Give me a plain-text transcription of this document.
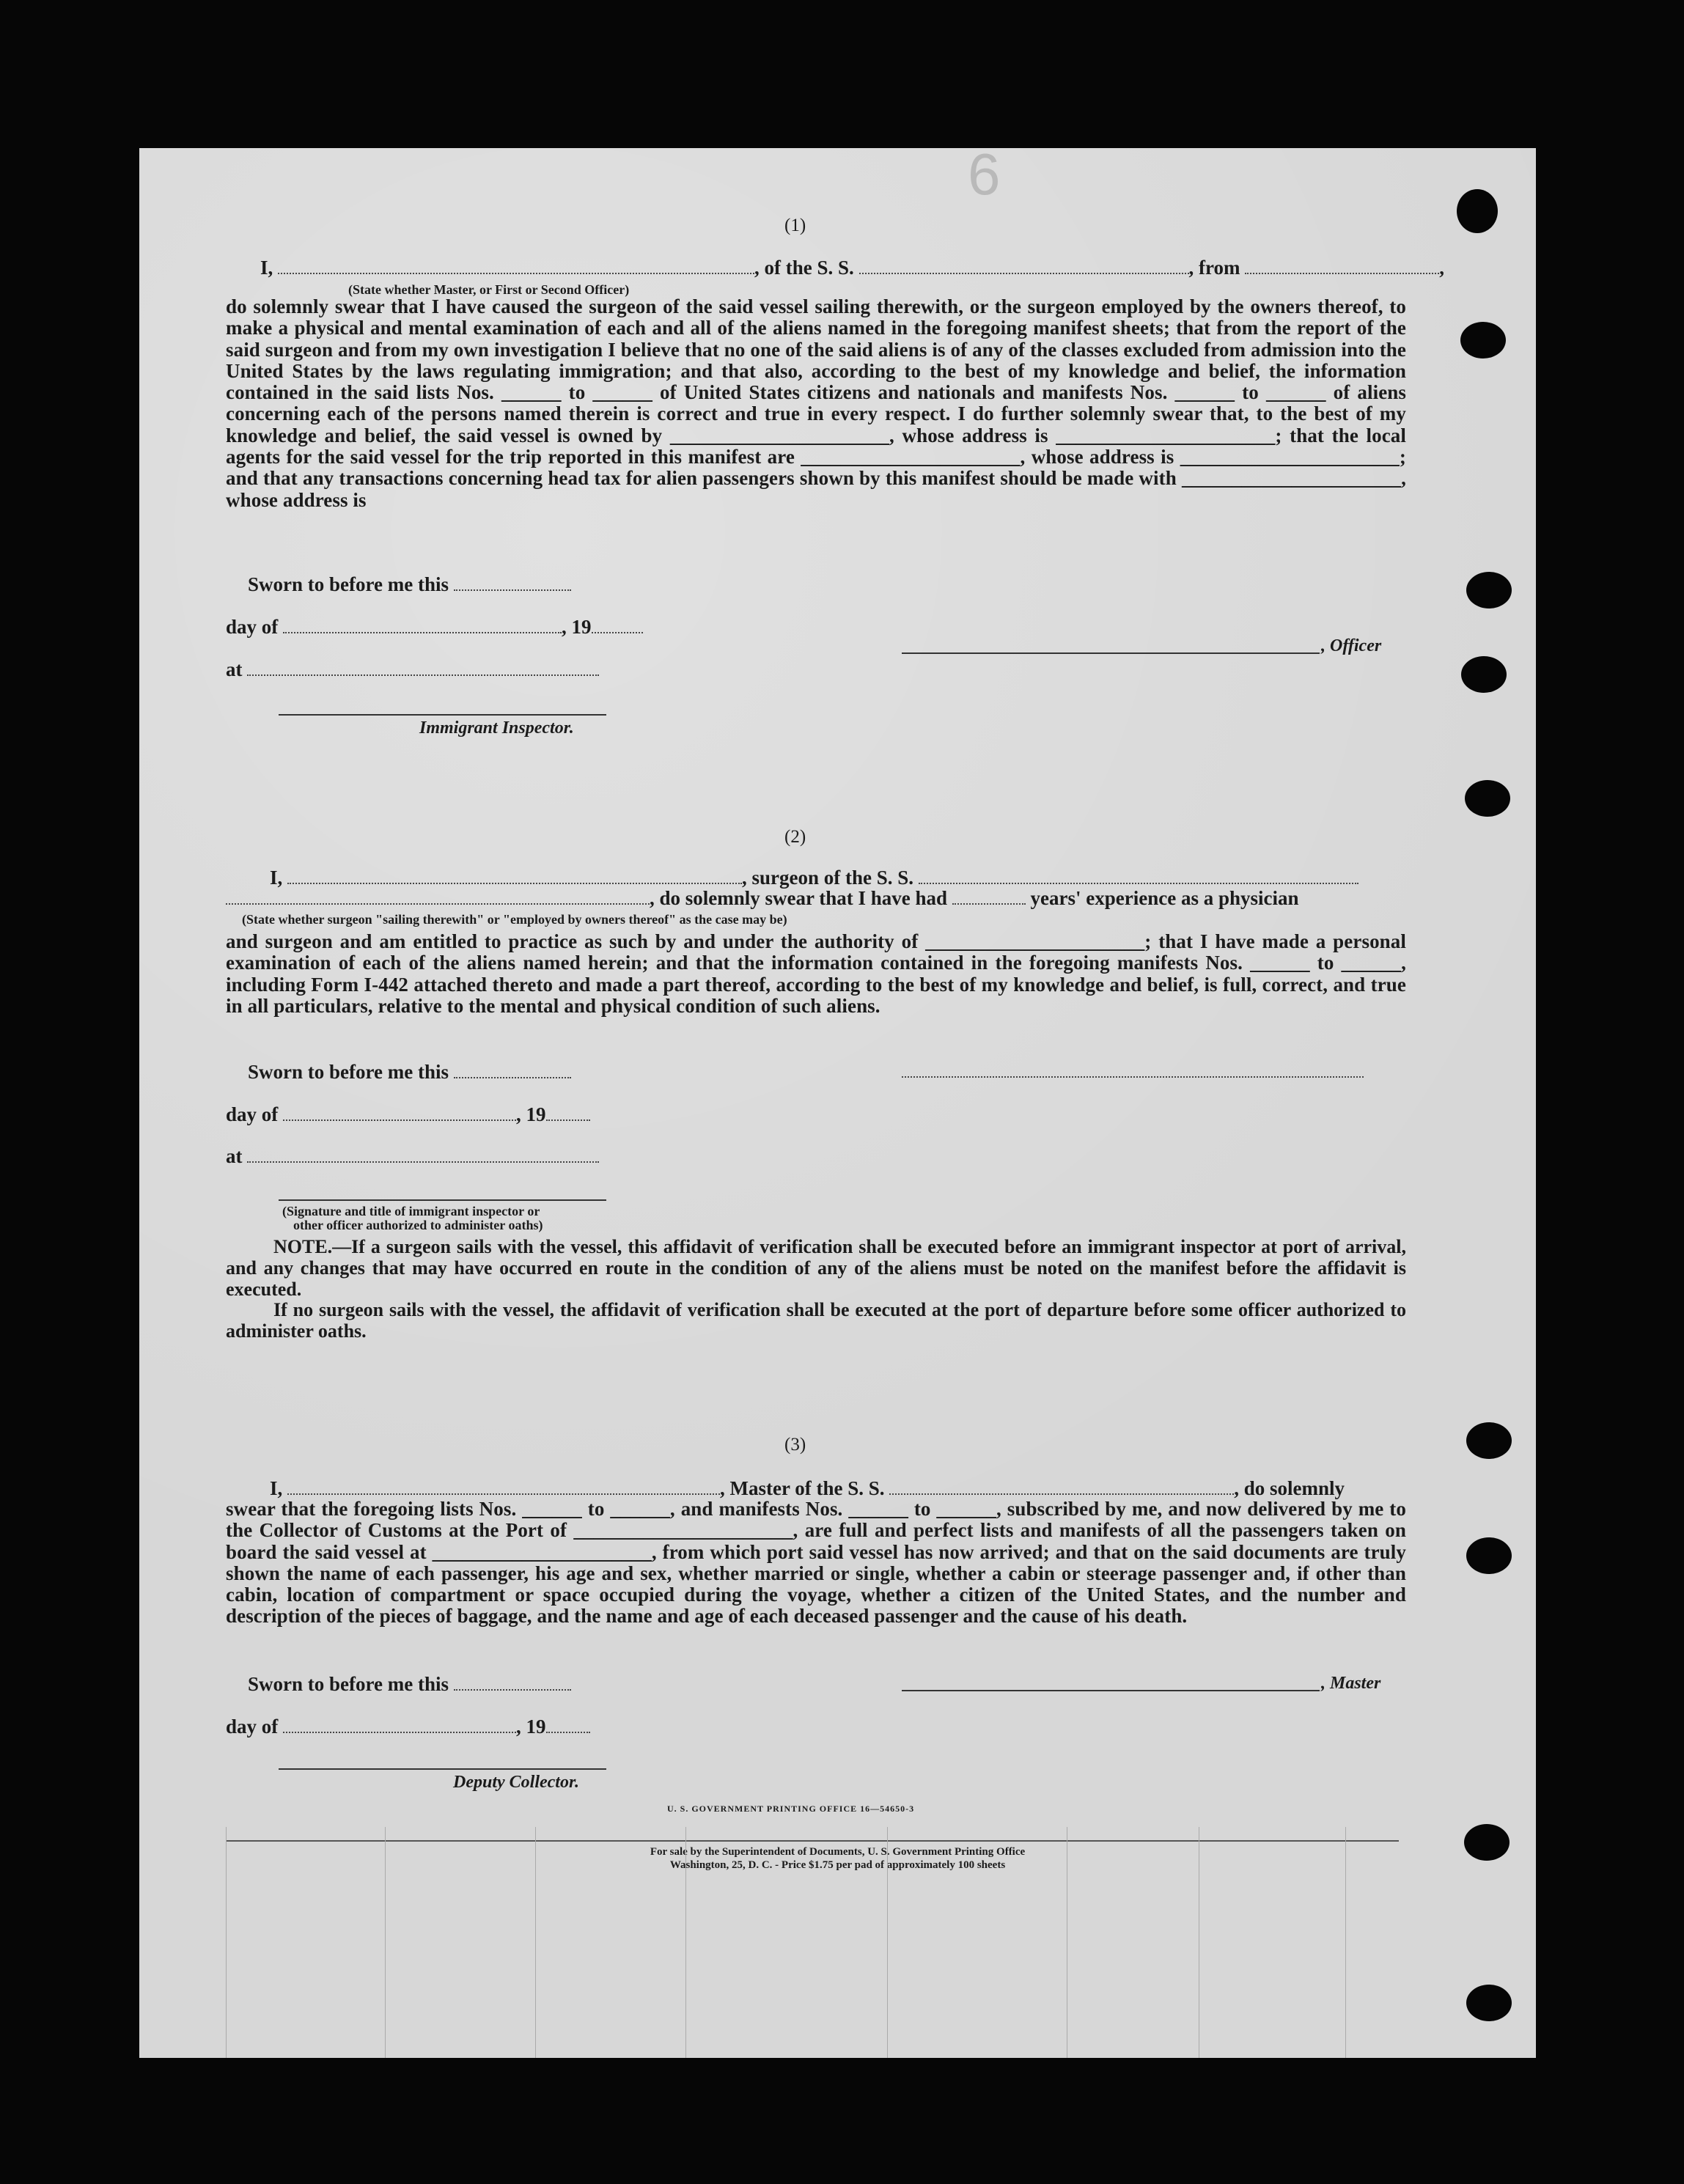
6
(1)
I,	, of the S. S.	, from	,
(State whether Master, or First or Second Officer)
do solemnly swear that I have caused the surgeon of the said vessel sailing therewith, or the surgeon employed by the owners thereof, to make a physical and mental examination of each and all of the aliens named in the foregoing manifest sheets; that from the report of the said surgeon and from my own investigation I believe that no one of the said aliens is of any of the classes excluded from admission into the United States by the laws regulating immigration; and that also, according to the best of my knowledge and belief, the information contained in the said lists Nos. ______ to ______ of United States citizens and nationals and manifests Nos. ______ to ______ of aliens concerning each of the persons named therein is correct and true in every respect. I do further solemnly swear that, to the best of my knowledge and belief, the said vessel is owned by ______________________, whose address is ______________________; that the local agents for the said vessel for the trip reported in this manifest are ______________________, whose address is ______________________; and that any transactions concerning head tax for alien passengers shown by this manifest should be made with ______________________, whose address is
Sworn to before me this
day of	, 19
at
Immigrant Inspector.
, Officer
(2)
I,	, surgeon of the S. S.
, do solemnly swear that I have had	years' experience as a physician
(State whether surgeon "sailing therewith" or "employed by owners thereof" as the case may be)
and surgeon and am entitled to practice as such by and under the authority of ______________________; that I have made a personal examination of each of the aliens named herein; and that the information contained in the foregoing manifests Nos. ______ to ______, including Form I-442 attached thereto and made a part thereof, according to the best of my knowledge and belief, is full, correct, and true in all particulars, relative to the mental and physical condition of such aliens.
Sworn to before me this
day of	, 19
at
(Signature and title of immigrant inspector or
other officer authorized to administer oaths)
NOTE.—If a surgeon sails with the vessel, this affidavit of verification shall be executed before an immigrant inspector at port of arrival, and any changes that may have occurred en route in the condition of any of the aliens must be noted on the manifest before the affidavit is executed.
If no surgeon sails with the vessel, the affidavit of verification shall be executed at the port of departure before some officer authorized to administer oaths.
(3)
I,	, Master of the S. S.	, do solemnly
swear that the foregoing lists Nos. ______ to ______, and manifests Nos. ______ to ______, subscribed by me, and now delivered by me to the Collector of Customs at the Port of ______________________, are full and perfect lists and manifests of all the passengers taken on board the said vessel at ______________________, from which port said vessel has now arrived; and that on the said documents are truly shown the name of each passenger, his age and sex, whether married or single, whether a cabin or steerage passenger and, if other than cabin, location of compartment or space occupied during the voyage, whether a citizen of the United States, and the number and description of the pieces of baggage, and the name and age of each deceased passenger and the cause of his death.
Sworn to before me this	, Master
day of	, 19
Deputy Collector.
U. S. GOVERNMENT PRINTING OFFICE 16—54650-3
For sale by the Superintendent of Documents, U. S. Government Printing Office
Washington, 25, D. C. - Price $1.75 per pad of approximately 100 sheets
